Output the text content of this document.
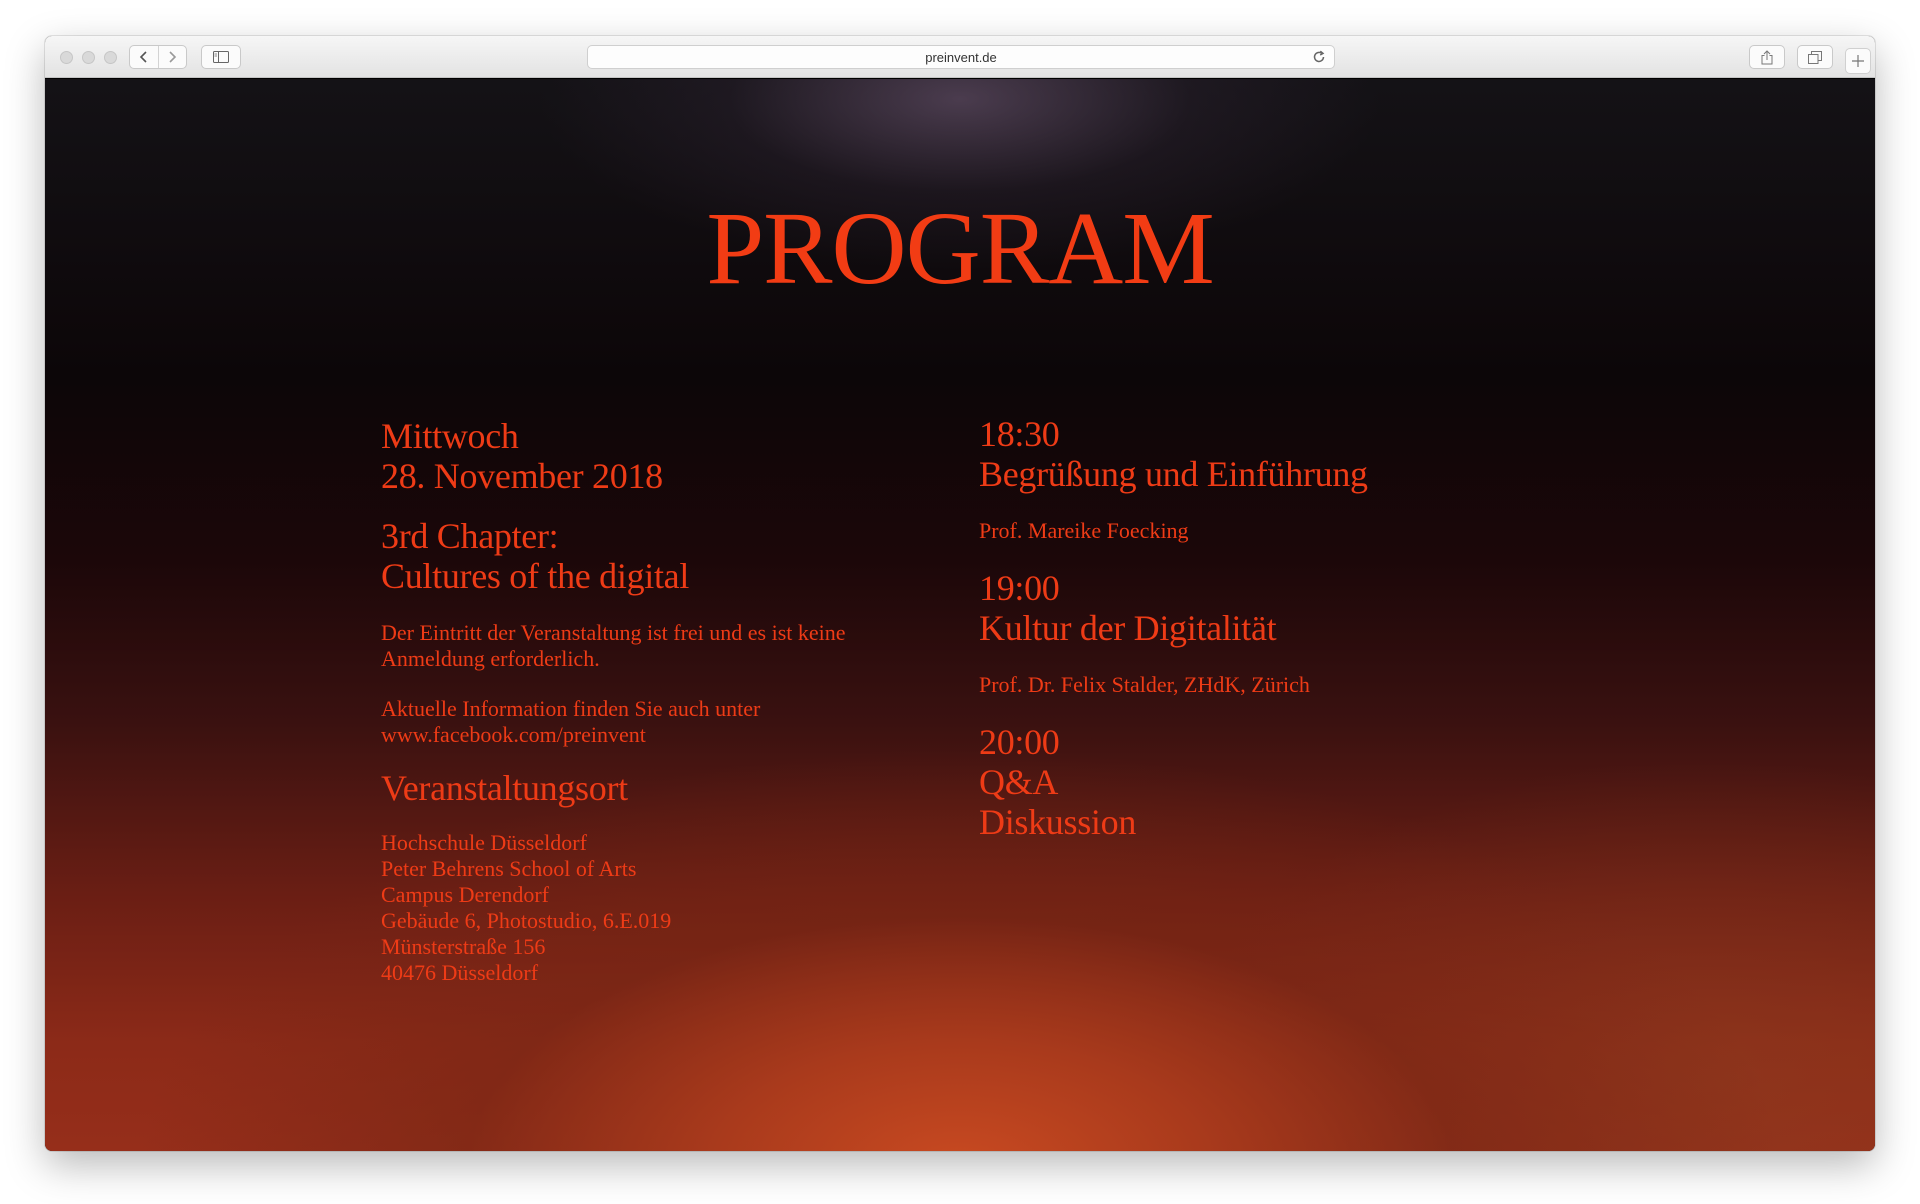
preinvent.de
PROGRAM
Mittwoch
28. November 2018
3rd Chapter:
Cultures of the digital
Der Eintritt der Veranstaltung ist frei und es ist keine
Anmeldung erforderlich.
Aktuelle Information finden Sie auch unter
www.facebook.com/preinvent
Veranstaltungsort
Hochschule Düsseldorf
Peter Behrens School of Arts
Campus Derendorf
Gebäude 6, Photostudio, 6.E.019
Münsterstraße 156
40476 Düsseldorf
18:30
Begrüßung und Einführung
Prof. Mareike Foecking
19:00
Kultur der Digitalität
Prof. Dr. Felix Stalder, ZHdK, Zürich
20:00
Q&A
Diskussion
